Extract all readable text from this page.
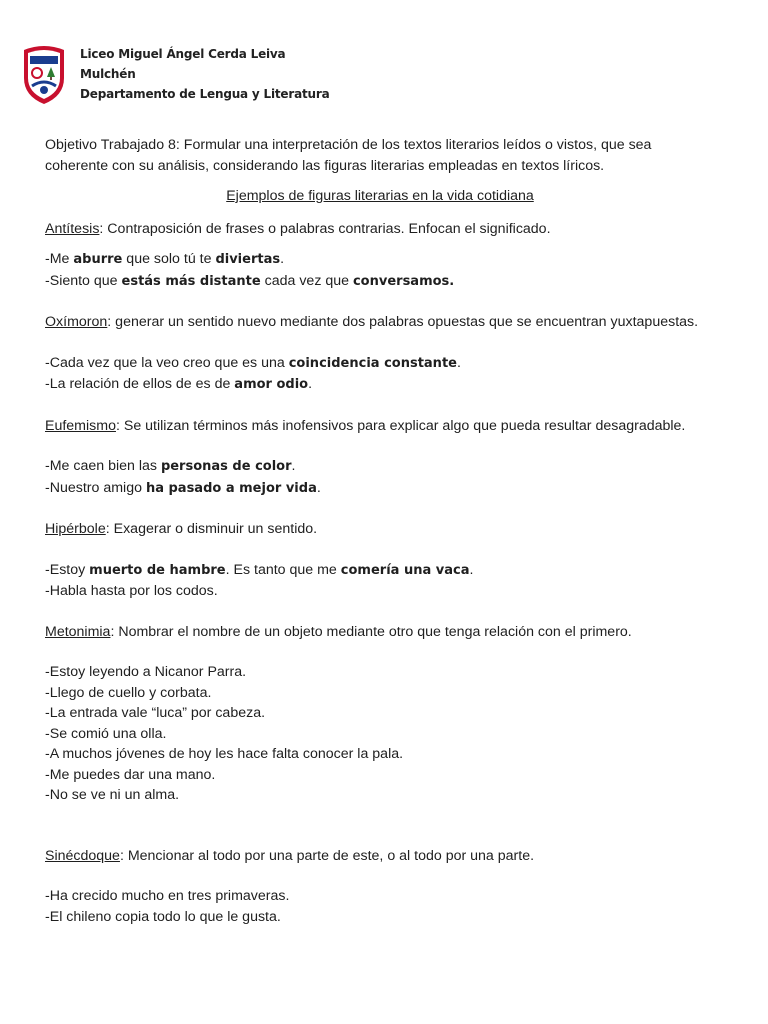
Liceo Miguel Ángel Cerda Leiva
Mulchén
Departamento de Lengua y Literatura

Objetivo Trabajado 8: Formular una interpretación de los textos literarios leídos o vistos, que sea coherente con su análisis, considerando las figuras literarias empleadas en textos líricos.

Ejemplos de figuras literarias en la vida cotidiana

Antítesis: Contraposición de frases o palabras contrarias. Enfocan el significado.

-Me aburre que solo tú te diviertas.

-Siento que estás más distante cada vez que conversamos.

Oxímoron: generar un sentido nuevo mediante dos palabras opuestas que se encuentran yuxtapuestas.

-Cada vez que la veo creo que es una coincidencia constante.

-La relación de ellos de es de amor odio.

Eufemismo: Se utilizan términos más inofensivos para explicar algo que pueda resultar desagradable.

-Me caen bien las personas de color.

-Nuestro amigo ha pasado a mejor vida.

Hipérbole: Exagerar o disminuir un sentido.

-Estoy muerto de hambre. Es tanto que me comería una vaca.

-Habla hasta por los codos.

Metonimia: Nombrar el nombre de un objeto mediante otro que tenga relación con el primero.

-Estoy leyendo a Nicanor Parra.

-Llego de cuello y corbata.

-La entrada vale “luca” por cabeza.

-Se comió una olla.

-A muchos jóvenes de hoy les hace falta conocer la pala.

-Me puedes dar una mano.

-No se ve ni un alma.

Sinécdoque: Mencionar al todo por una parte de este, o al todo por una parte.

-Ha crecido mucho en tres primaveras.

-El chileno copia todo lo que le gusta.
